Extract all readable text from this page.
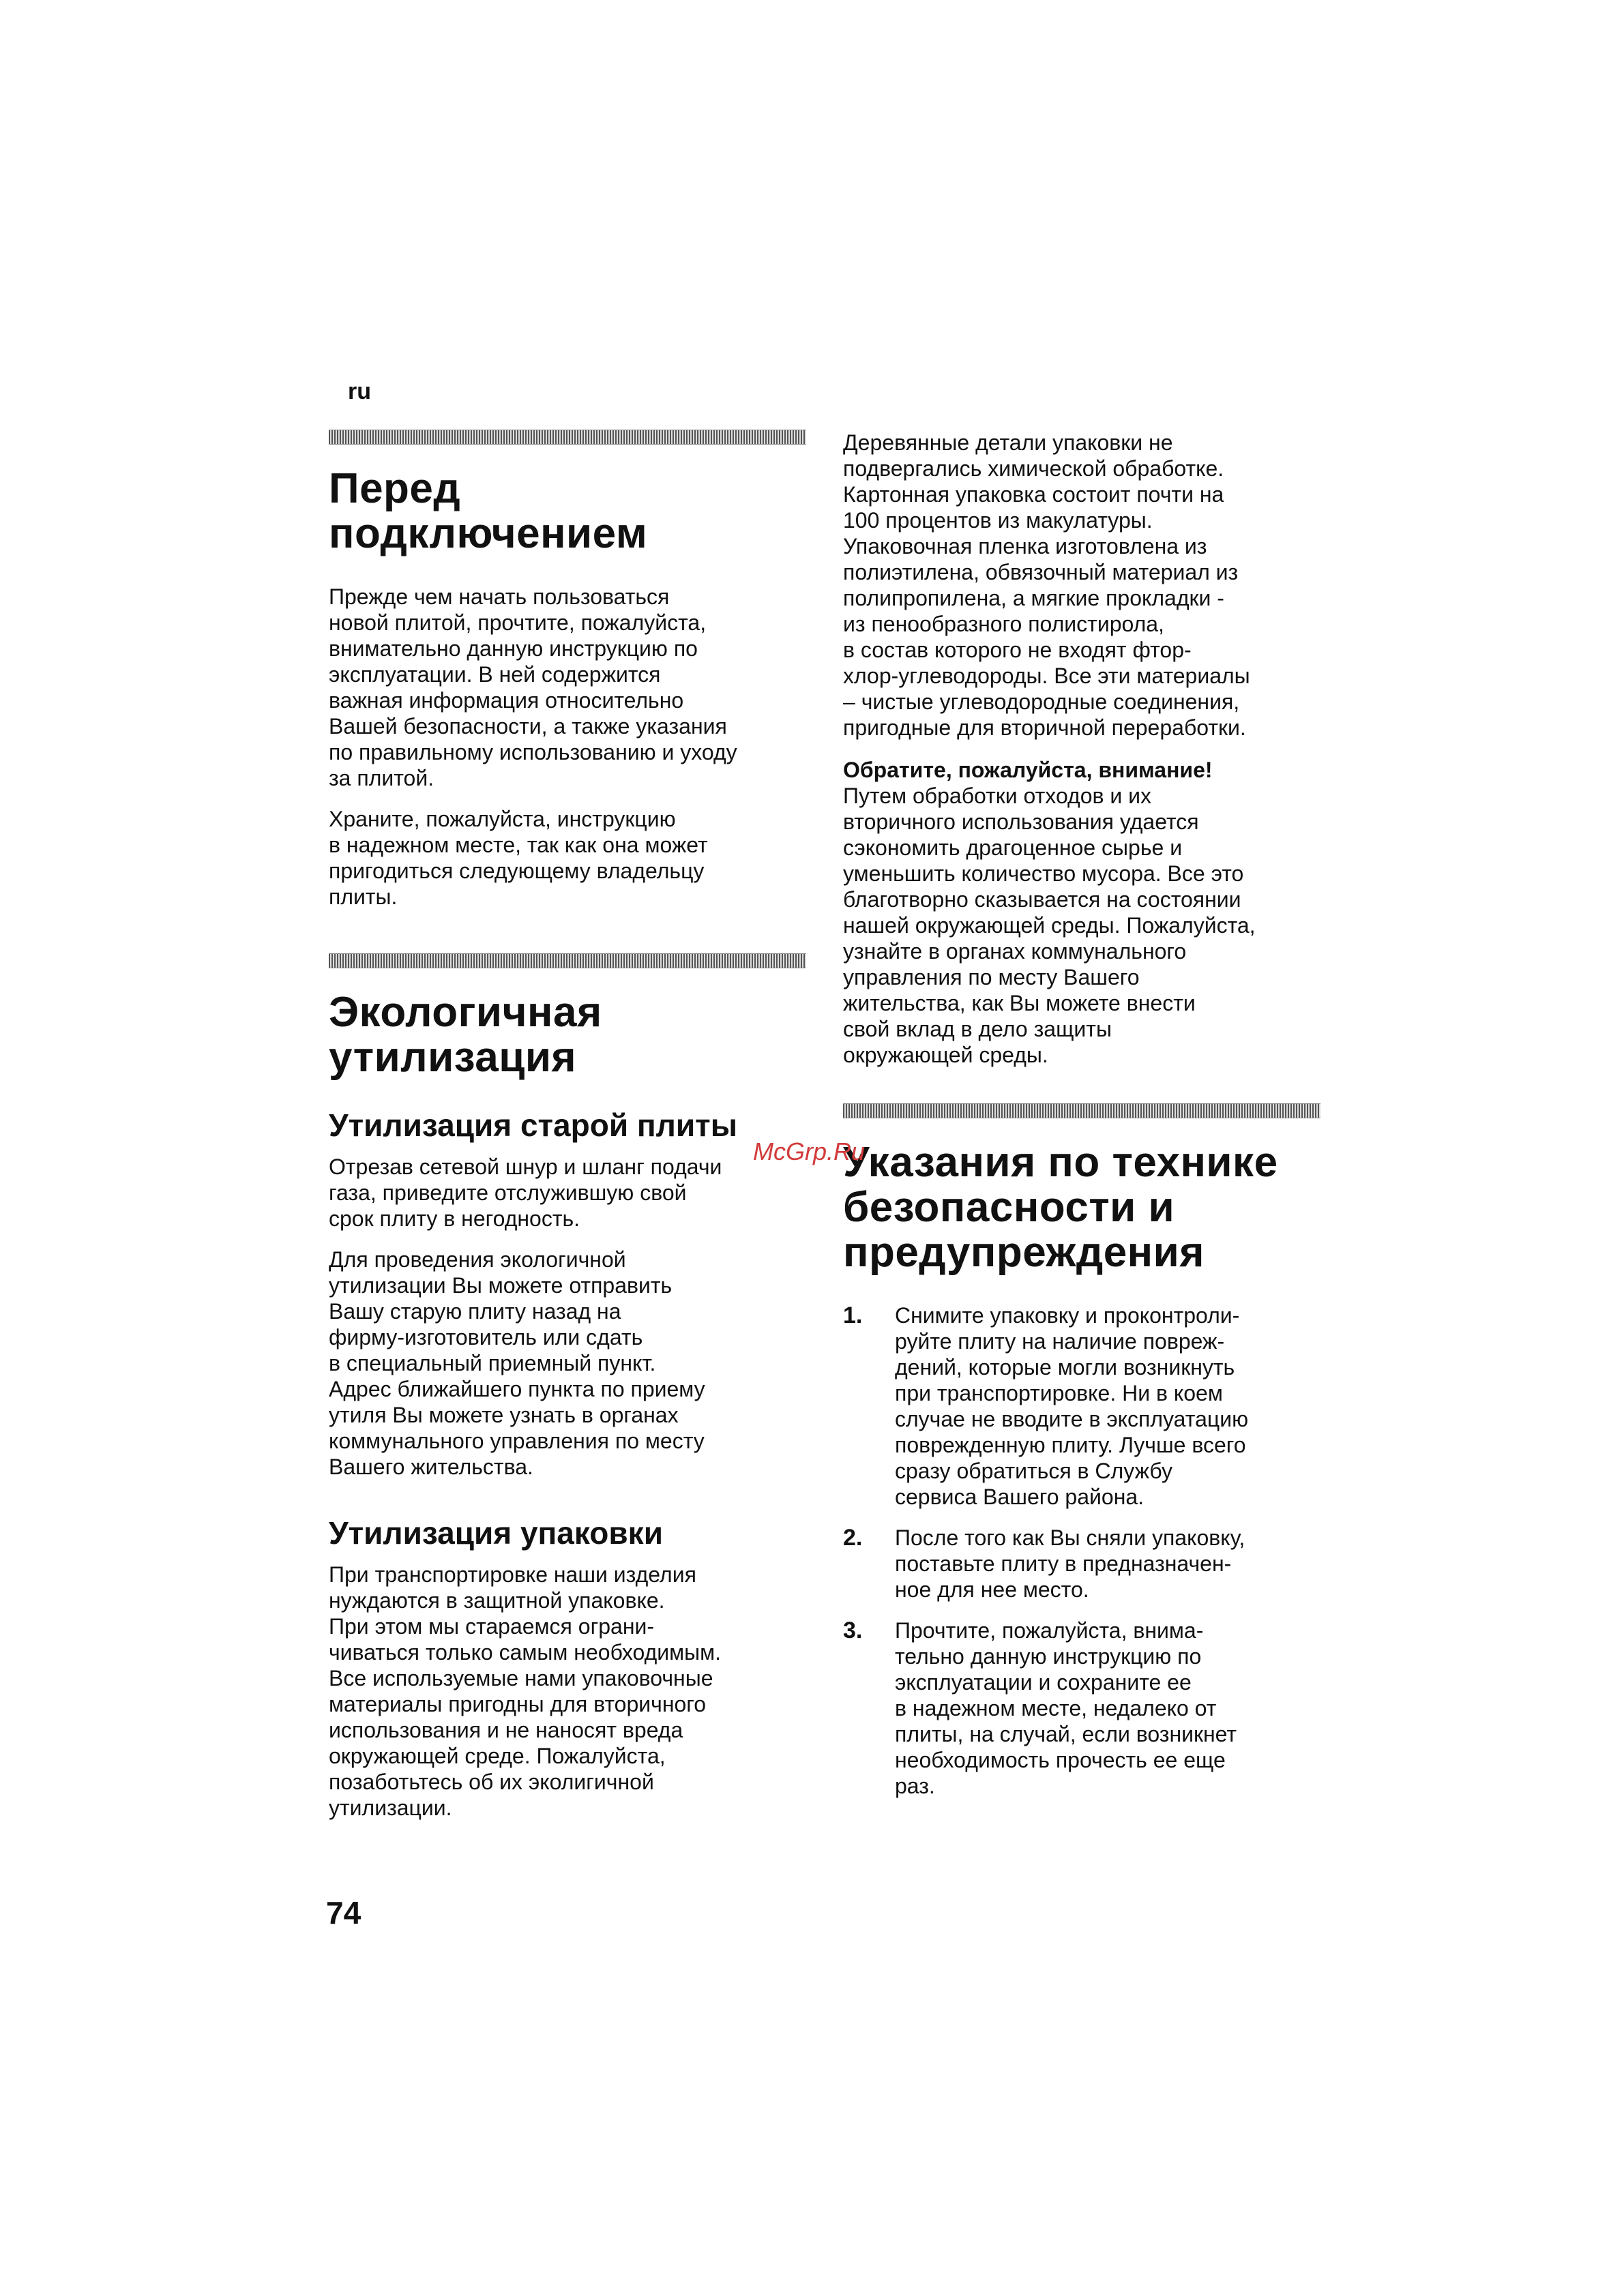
ru
Перед
подключением
Прежде чем начать пользоваться
новой плитой, прочтите, пожалуйста,
внимательно данную инструкцию по
эксплуатации. В ней содержится
важная информация относительно
Вашей безопасности, а также указания
по правильному использованию и уходу
за плитой.
Храните, пожалуйста, инструкцию
в надежном месте, так как она может
пригодиться следующему владельцу
плиты.
Экологичная
утилизация
Утилизация старой плиты
Отрезав сетевой шнур и шланг подачи
газа, приведите отслужившую свой
срок плиту в негодность.
Для проведения экологичной
утилизации Вы можете отправить
Вашу старую плиту назад на
фирму-изготовитель или сдать
в специальный приемный пункт.
Адрес ближайшего пункта по приему
утиля Вы можете узнать в органах
коммунального управления по месту
Вашего жительства.
Утилизация упаковки
При транспортировке наши изделия
нуждаются в защитной упаковке.
При этом мы стараемся ограни-
чиваться только самым необходимым.
Все используемые нами упаковочные
материалы пригодны для вторичного
использования и не наносят вреда
окружающей среде. Пожалуйста,
позаботьтесь об их эколигичной
утилизации.
Деревянные детали упаковки не
подвергались химической обработке.
Картонная упаковка состоит почти на
100 процентов из макулатуры.
Упаковочная пленка изготовлена из
полиэтилена, обвязочный материал из
полипропилена, а мягкие прокладки -
из пенообразного полистирола,
в состав которого не входят фтор-
хлор-углеводороды. Все эти материалы
– чистые углеводородные соединения,
пригодные для вторичной переработки.
Обратите, пожалуйста, внимание!
Путем обработки отходов и их
вторичного использования удается
сэкономить драгоценное сырье и
уменьшить количество мусора. Все это
благотворно сказывается на состоянии
нашей окружающей среды. Пожалуйста,
узнайте в органах коммунального
управления по месту Вашего
жительства, как Вы можете внести
свой вклад в дело защиты
окружающей среды.
Указания по технике
безопасности и
предупреждения
1.	Снимите упаковку и проконтроли-
руйте плиту на наличие повреж-
дений, которые могли возникнуть
при транспортировке. Ни в коем
случае не вводите в эксплуатацию
поврежденную плиту. Лучше всего
сразу обратиться в Службу
сервиса Вашего района.
2.	После того как Вы сняли упаковку,
поставьте плиту в предназначен-
ное для нее место.
3.	Прочтите, пожалуйста, внима-
тельно данную инструкцию по
эксплуатации и сохраните ее
в надежном месте, недалеко от
плиты, на случай, если возникнет
необходимость прочесть ее еще
раз.
McGrp.Ru
74
